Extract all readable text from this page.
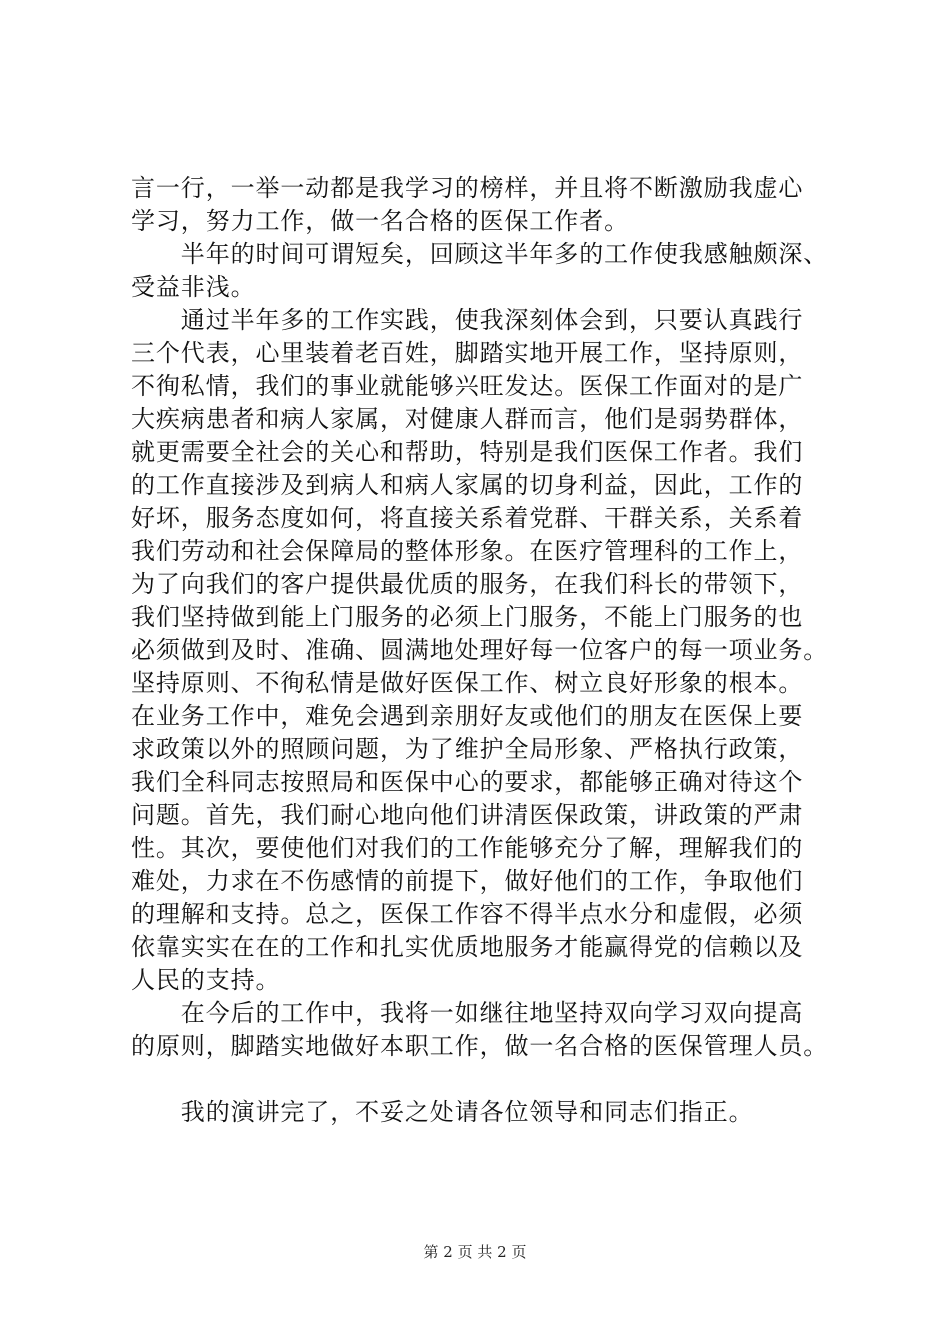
言一行，一举一动都是我学习的榜样，并且将不断激励我虚心
学习，努力工作，做一名合格的医保工作者。
　　半年的时间可谓短矣，回顾这半年多的工作使我感触颇深、
受益非浅。
　　通过半年多的工作实践，使我深刻体会到，只要认真践行
三个代表，心里装着老百姓，脚踏实地开展工作，坚持原则，
不徇私情，我们的事业就能够兴旺发达。医保工作面对的是广
大疾病患者和病人家属，对健康人群而言，他们是弱势群体，
就更需要全社会的关心和帮助，特别是我们医保工作者。我们
的工作直接涉及到病人和病人家属的切身利益，因此，工作的
好坏，服务态度如何，将直接关系着党群、干群关系，关系着
我们劳动和社会保障局的整体形象。在医疗管理科的工作上，
为了向我们的客户提供最优质的服务，在我们科长的带领下，
我们坚持做到能上门服务的必须上门服务，不能上门服务的也
必须做到及时、准确、圆满地处理好每一位客户的每一项业务。
坚持原则、不徇私情是做好医保工作、树立良好形象的根本。
在业务工作中，难免会遇到亲朋好友或他们的朋友在医保上要
求政策以外的照顾问题，为了维护全局形象、严格执行政策，
我们全科同志按照局和医保中心的要求，都能够正确对待这个
问题。首先，我们耐心地向他们讲清医保政策，讲政策的严肃
性。其次，要使他们对我们的工作能够充分了解，理解我们的
难处，力求在不伤感情的前提下，做好他们的工作，争取他们
的理解和支持。总之，医保工作容不得半点水分和虚假，必须
依靠实实在在的工作和扎实优质地服务才能赢得党的信赖以及
人民的支持。
　　在今后的工作中，我将一如继往地坚持双向学习双向提高
的原则，脚踏实地做好本职工作，做一名合格的医保管理人员。
　　我的演讲完了，不妥之处请各位领导和同志们指正。
第 2 页 共 2 页
